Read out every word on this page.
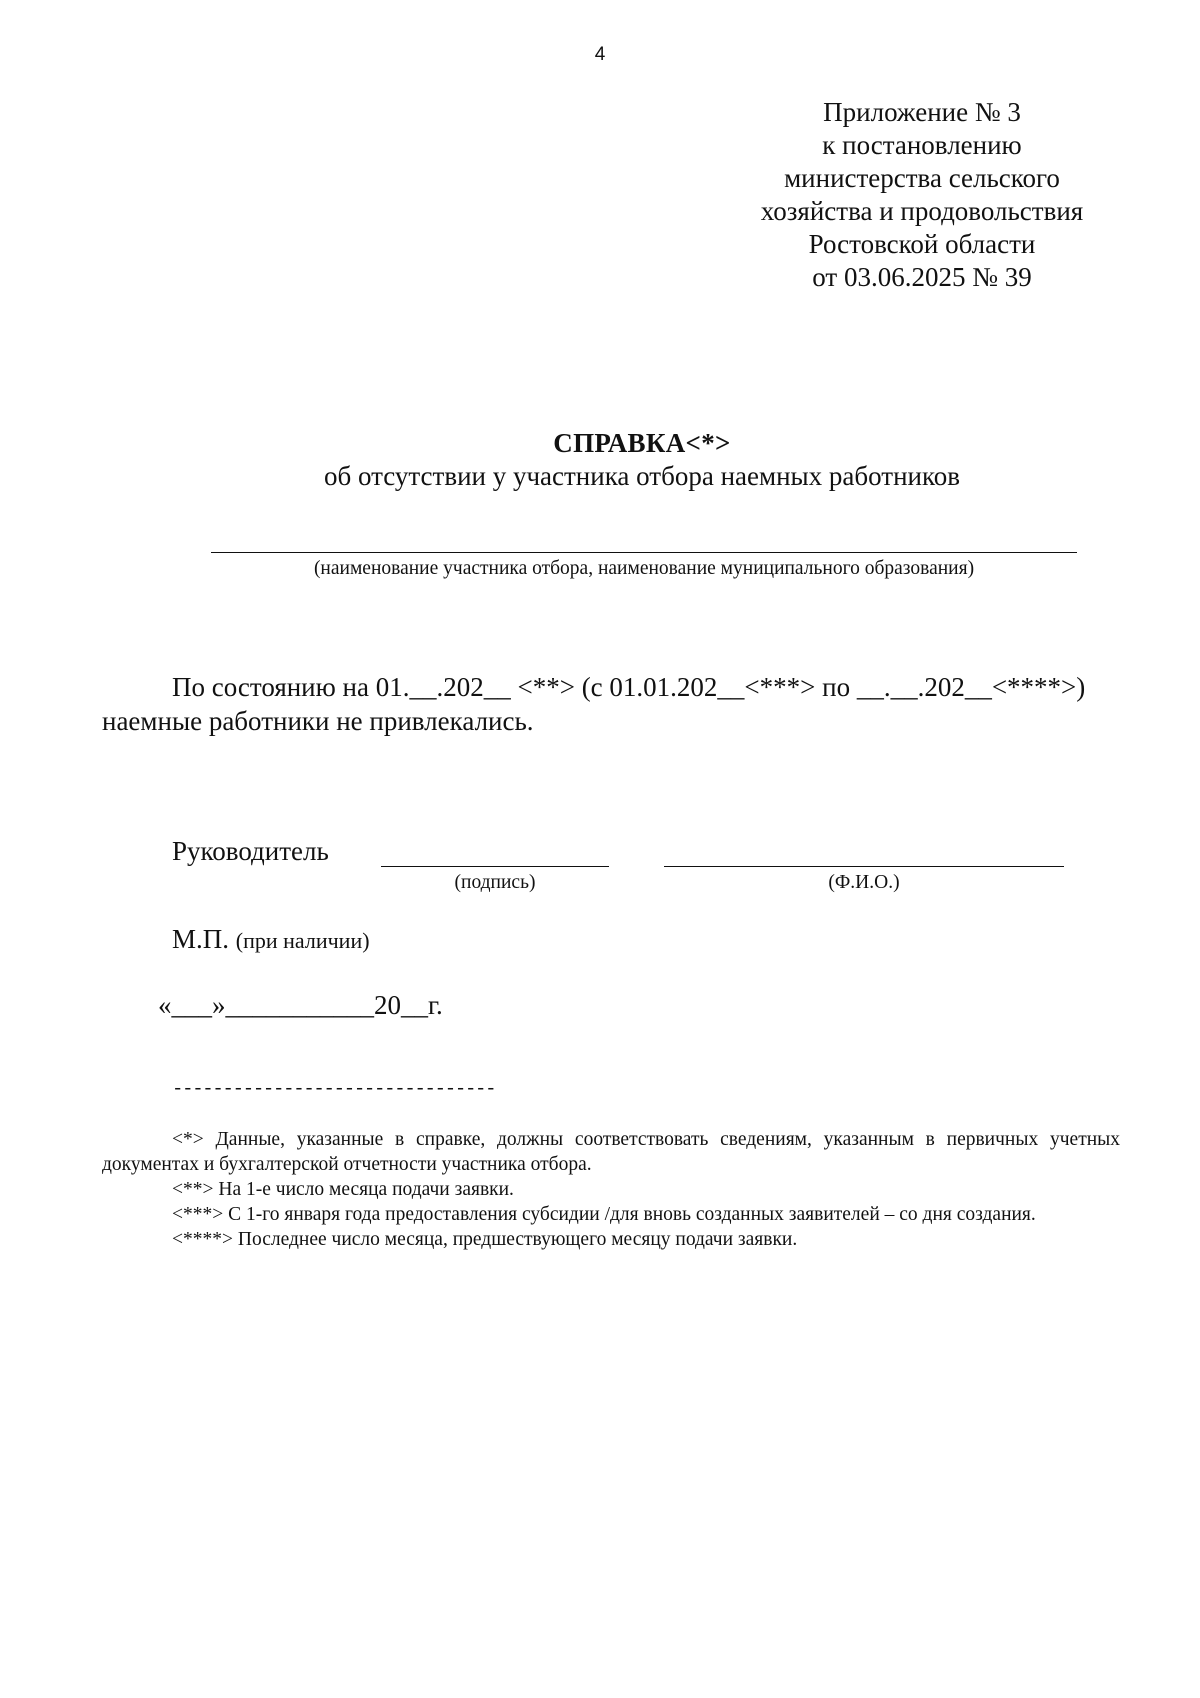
4
Приложение № 3
к постановлению
министерства сельского
хозяйства и продовольствия
Ростовской области
от 03.06.2025 № 39
СПРАВКА<*>
об отсутствии у участника отбора наемных работников
(наименование участника отбора, наименование муниципального образования)
По состоянию на 01.__.202__ <**> (с 01.01.202__<***> по __.__.202__<****>)
наемные работники не привлекались.
Руководитель
(подпись)	(Ф.И.О.)
М.П. (при наличии)
«___»___________20__г.
--------------------------------

<*> Данные, указанные в справке, должны соответствовать сведениям, указанным в первичных учетных документах и бухгалтерской отчетности участника отбора.

<**> На 1-е число месяца подачи заявки.

<***> С 1-го января года предоставления субсидии /для вновь созданных заявителей – со дня создания.

<****> Последнее число месяца, предшествующего месяцу подачи заявки.
